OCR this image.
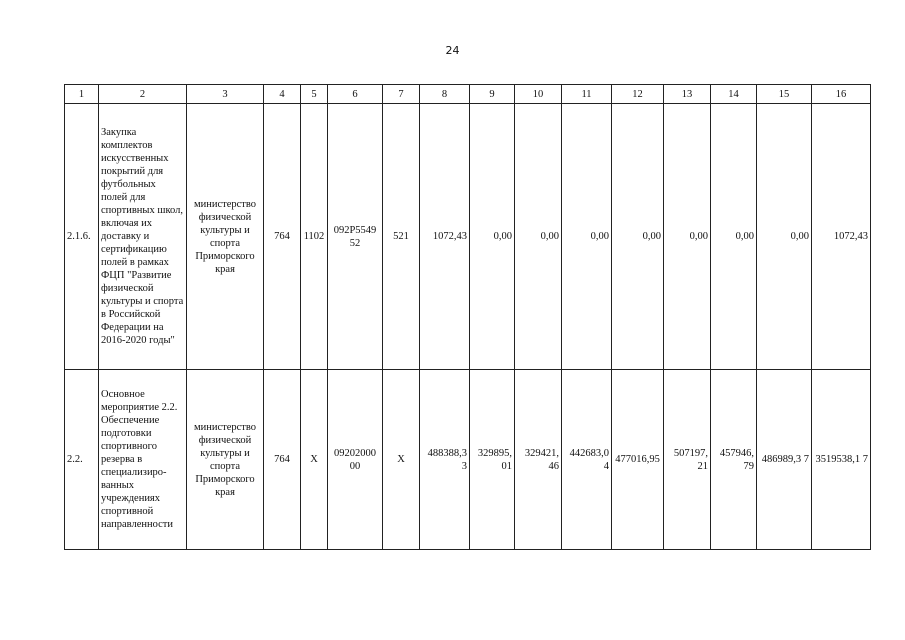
24
1	2	3	4	5	6	7	8	9	10	11	12	13	14	15	16
2.1.6.	Закупка комплектов искусственных покрытий для футбольных полей для спортивных школ, включая их доставку и сертификацию полей в рамках ФЦП "Развитие физической культуры и спорта в Российской Федерации на 2016-2020 годы"	министерство физической культуры и спорта Приморского края	764	1102	092P5549 52	521	1072,43	0,00	0,00	0,00	0,00	0,00	0,00	0,00	1072,43
2.2.	Основное мероприятие 2.2. Обеспечение подготовки спортивного резерва в специализиро-ванных учреждениях спортивной направленности	министерство физической культуры и спорта Приморского края	764	Х	09202000 00	Х	488388,3 3	329895, 01	329421, 46	442683,0 4	477016,95	507197, 21	457946, 79	486989,3 7	3519538,1 7
